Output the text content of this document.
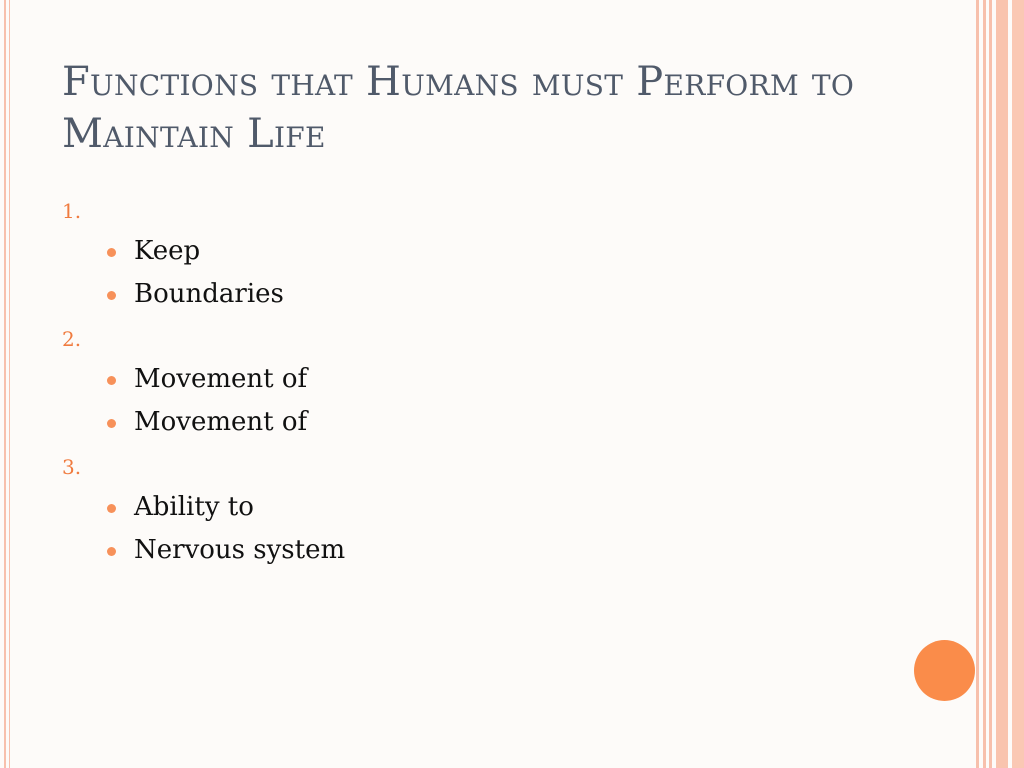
Functions that Humans must Perform to Maintain Life
1.
Keep
Boundaries
2.
Movement of
Movement of
3.
Ability to
Nervous system
